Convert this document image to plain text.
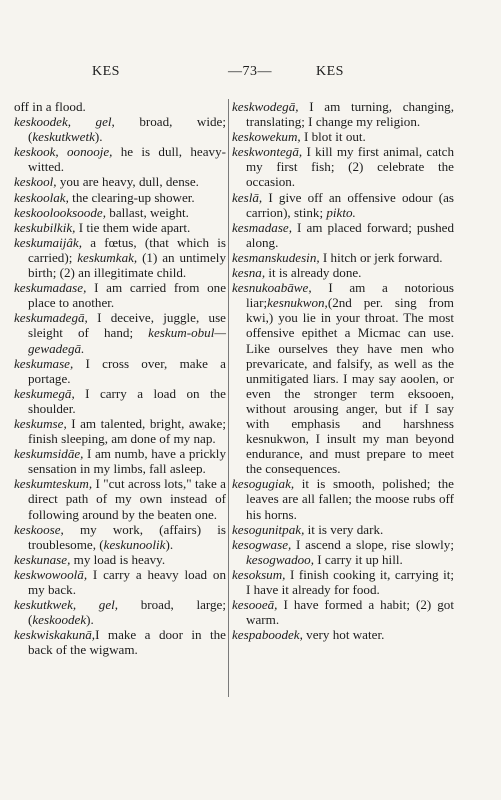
KES	—73—	KES

off in a flood.

keskoodek, gel, broad, wide; (keskutkwetk).

keskook, oonooje, he is dull, heavy-witted.

keskool, you are heavy, dull, dense.

keskoolak, the clearing-up shower.

keskoolooksoode, ballast, weight.

keskubilkik, I tie them wide apart.

keskumaijâk, a fœtus, (that which is carried); keskumkak, (1) an untimely birth; (2) an illegitimate child.

keskumadase, I am carried from one place to another.

keskumadegā, I deceive, juggle, use sleight of hand; keskum-obul—gewadegā.

keskumase, I cross over, make a portage.

keskumegā, I carry a load on the shoulder.

keskumse, I am talented, bright, awake; finish sleeping, am done of my nap.

keskumsidāe, I am numb, have a prickly sensation in my limbs, fall asleep.

keskumteskum, I "cut across lots," take a direct path of my own instead of following around by the beaten one.

keskoose, my work, (affairs) is troublesome, (keskunoolik).

keskunase, my load is heavy.

keskwowoolā, I carry a heavy load on my back.

keskutkwek, gel, broad, large; (keskoodek).

keskwiskakunā,I make a door in the back of the wigwam.

keskwodegā, I am turning, changing, translating; I change my religion.

keskowekum, I blot it out.

keskwontegā, I kill my first animal, catch my first fish; (2) celebrate the occasion.

keslā, I give off an offensive odour (as carrion), stink; pikto.

kesmadase, I am placed forward; pushed along.

kesmanskudesin, I hitch or jerk forward.

kesna, it is already done.

kesnukoabāwe, I am a notorious liar;kesnukwon,(2nd per. sing from kwi,) you lie in your throat. The most offensive epithet a Micmac can use. Like ourselves they have men who prevaricate, and falsify, as well as the unmitigated liars. I may say aoolen, or even the stronger term eksooen, without arousing anger, but if I say with emphasis and harshness kesnukwon, I insult my man beyond endurance, and must prepare to meet the consequences.

kesogugiak, it is smooth, polished; the leaves are all fallen; the moose rubs off his horns.

kesogunitpak, it is very dark.

kesogwase, I ascend a slope, rise slowly; kesogwadoo, I carry it up hill.

kesoksum, I finish cooking it, carrying it; I have it already for food.

kesooeā, I have formed a habit; (2) got warm.

kespaboodek, very hot water.
